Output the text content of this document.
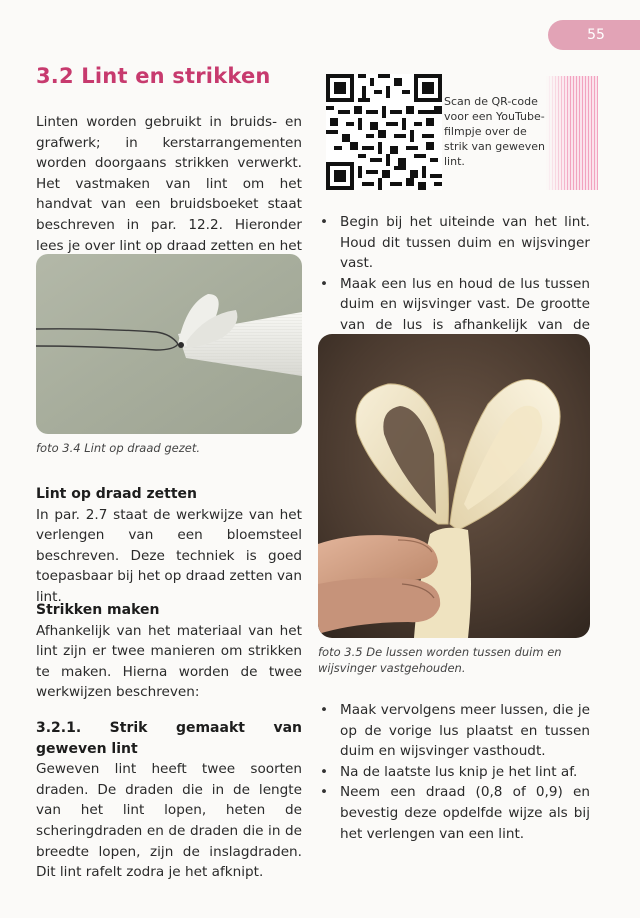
55
3.2 Lint en strikken

Linten worden gebruikt in bruids- en grafwerk; in kerstarrangementen worden doorgaans strikken verwerkt. Het vastmaken van lint om het handvat van een bruidsboeket staat beschreven in par. 12.2. Hieronder lees je over lint op draad zetten en het

foto 3.4 Lint op draad gezet.

Lint op draad zetten

In par. 2.7 staat de werkwijze van het verlengen van een bloemsteel beschreven. Deze techniek is goed toepasbaar bij het op draad zetten van lint.

Strikken maken

Afhankelijk van het materiaal van het lint zijn er twee manieren om strikken te maken. Hierna worden de twee werkwijzen beschreven:

3.2.1. Strik gemaakt van geweven lint

Geweven lint heeft twee soorten draden. De draden die in de lengte van het lint lopen, heten de scheringdraden en de draden die in de breedte lopen, zijn de inslagdraden. Dit lint rafelt zodra je het afknipt.

Scan de QR-code voor een YouTube-filmpje over de strik van geweven lint.
• Begin bij het uiteinde van het lint. Houd dit tussen duim en wijsvinger vast.
• Maak een lus en houd de lus tussen duim en wijsvinger vast. De grootte van de lus is afhankelijk van de
foto 3.5 De lussen worden tussen duim en wijsvinger vastgehouden.
• Maak vervolgens meer lussen, die je op de vorige lus plaatst en tussen duim en wijsvinger vasthoudt.
• Na de laatste lus knip je het lint af.
• Neem een draad (0,8 of 0,9) en bevestig deze opdelfde wijze als bij het verlengen van een lint.
